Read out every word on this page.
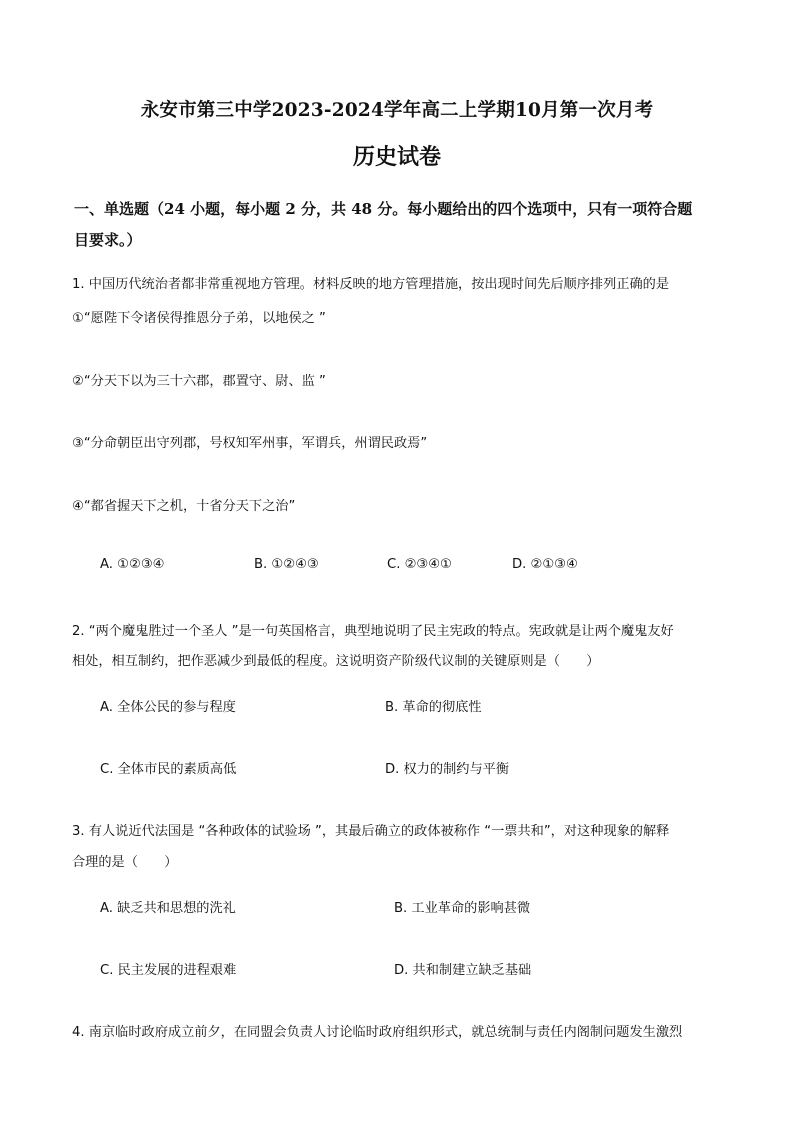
永安市第三中学2023-2024学年高二上学期10月第一次月考
历史试卷
一、单选题（24 小题，每小题 2 分，共 48 分。每小题给出的四个选项中，只有一项符合题
目要求。）
1. 中国历代统治者都非常重视地方管理。材料反映的地方管理措施，按出现时间先后顺序排列正确的是
①“愿陛下令诸侯得推恩分子弟，以地侯之 ”
②“分天下以为三十六郡，郡置守、尉、监 ”
③“分命朝臣出守列郡，号权知军州事，军谓兵，州谓民政焉”
④“都省握天下之机，十省分天下之治”
A. ①②③④	B. ①②④③	C. ②③④①	D. ②①③④
2. “两个魔鬼胜过一个圣人 ”是一句英国格言，典型地说明了民主宪政的特点。宪政就是让两个魔鬼友好
相处，相互制约，把作恶减少到最低的程度。这说明资产阶级代议制的关键原则是（　　）
A. 全体公民的参与程度	B. 革命的彻底性
C. 全体市民的素质高低	D. 权力的制约与平衡
3. 有人说近代法国是 “各种政体的试验场 ”，其最后确立的政体被称作 “一票共和”，对这种现象的解释
合理的是（　　）
A. 缺乏共和思想的洗礼	B. 工业革命的影响甚微
C. 民主发展的进程艰难	D. 共和制建立缺乏基础
4. 南京临时政府成立前夕，在同盟会负责人讨论临时政府组织形式，就总统制与责任内阁制问题发生激烈
